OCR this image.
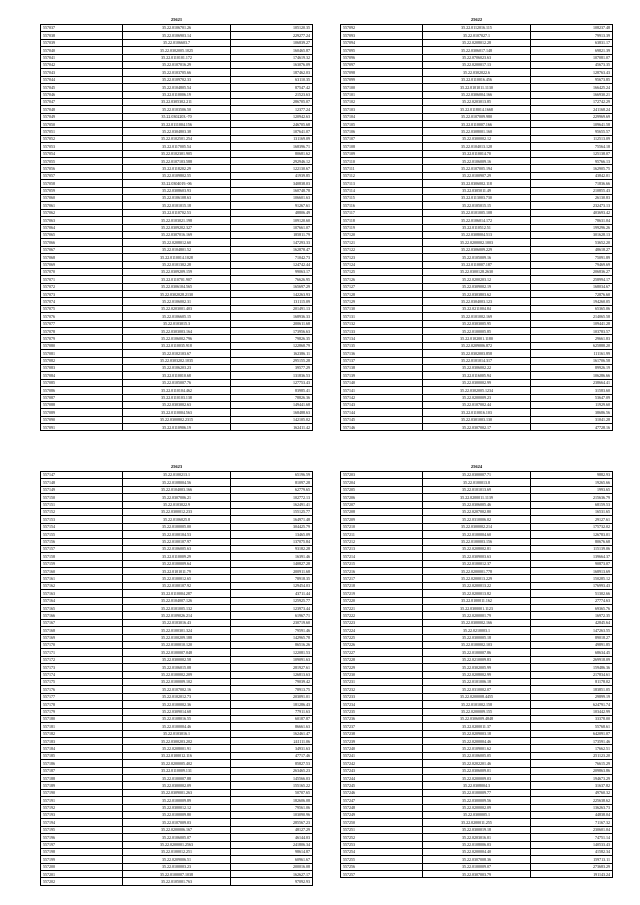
25621
557037	35.22.0106701.26	105120.35
557038	35.22.0106903.14	229277.24
557039	35.22.0106603.7	106839.27
557040	35.22.0302005.1025	160465.87
557041	35.22.0110101.172	174619.32
557042	35.22.0107016.29	163076.09
557043	35.22.0103705.66	187462.03
557044	35.22.0109702.33	63110.35
557045	35.22.0104805.54	87547.42
557046	35.22.0110006.19	21523.63
557047	35.22.0305302.211	286705.07
557048	35.22.0103506.50	12377.24
557049	35.22.0302203.-70	120942.63
557050	35.22.0111004.156	246705.68
557051	35.22.0304803.38	107641.07
557052	35.22.0102501.254	131169.09
557053	35.22.0117005.54	168396.71
557054	35.22.0102301.905	80681.62
557055	35.22.0107103.588	292946.12
557056	35.22.0118202.29	122130.67
557057	35.22.0109802.55	41939.85
557058	35.22.0304019.-06	340838.03
557059	35.22.0308603.93	160748.78
557060	35.22.0106108.63	106601.63
557061	35.22.0101015.18	91267.61
557062	35.22.0110702.53	48806.49
557063	35.22.0103021.198	109120.60
557064	35.22.0309202.327	107661.07
557065	35.22.0307016.169	185811.79
557066	35.22.0208012.60	147293.33
557067	35.22.0104801.52	162878.47
557068	35.22.0110014.1028	71042.73
557069	35.22.0101302.28	124742.44
557070	35.22.0309209.159	99063.17
557071	35.22.0110701.907	76626.95
557072	35.22.0306104.565	165697.29
557073	35.22.0302028.2130	142263.93
557074	35.22.0106002.31	131115.09
557075	35.22.0203001.403	201491.13
557076	35.22.0106605.15	168936.33
557077	35.22.0103015.3	200611.68
557078	35.22.0303003.164	173956.63
557079	35.22.0106002.796	79826.35
557080	35.22.0110035.918	122868.79
557081	35.22.0102103.67	162386.11
557082	35.22.0303202.1035	295155.28
557083	35.22.0106203.23	39577.29
557084	35.22.0110010.68	131836.53
557085	35.22.0105007.76	127753.43
557086	35.22.0110104.462	83985.41
557087	35.22.0110103.138	78826.36
557088	35.22.0303002.63	149441.68
557089	35.22.0110004.563	168488.63
557090	35.22.0300802.2315	142105.02
557091	35.22.0110906.19	162411.42
25622
557092	35.22.0112016.115	108237.48
557093	35.22.0107027.1	79913.39
557094	35.22.0208012.28	63831.17
557095	35.22.0306017.148	69821.39
557096	35.22.0706023.63	107081.07
557097	35.22.0200017.13	45673.35
557098	35.22.0302022.6	128763.43
557099	35.22.0110016.456	95673.85
557100	35.22.0101011.1130	166425.24
557101	35.22.0306004.166	166930.21
557102	35.22.0203013.85	172742.29
557103	35.22.0118014.1668	241168.24
557104	35.22.0107009.980	229969.69
557105	35.22.0110007.166	109641.58
557106	35.22.0308001.160	95655.57
557107	35.22.0300002.12	112513.09
557108	35.22.0104013.128	75564.18
557109	35.22.0110014.70	125138.07
557110	35.22.0106009.16	95766.13
557111	35.22.0107005.194	162905.75
557112	35.22.0100907.29	43842.01
557113	35.22.0306002.118	71836.66
557114	35.22.0305011.49	210855.43
557115	35.22.0113003.730	26130.83
557116	35.22.0105015.15	232473.13
557117	35.22.0101005.108	403693.42
557118	35.22.0106014.172	78631.04
557119	35.22.0110512.51	199296.26
557120	35.22.0308004.513	301628.13
557121	35.22.0200002.1003	53652.20
557122	35.22.0306009.229	48618.27
557123	35.22.0105009.16	75091.89
557124	35.22.0110007.187	79469.69
557125	35.22.0300128.2630	206836.27
557126	35.22.0200203.12	258994.17
557127	35.22.0309002.19	168034.67
557128	35.22.0303803.62	72876.60
557129	35.22.0304003.123	194260.05
557130	35.22.0211004.84	65365.06
557131	35.22.0101002.169	214065.58
557132	35.22.0303005.95	109441.28
557133	35.22.0100005.85	103783.57
557134	35.22.0102001.1180	29661.83
557135	35.22.0209006.872	625888.20
557136	35.22.0302003.858	111161.99
557137	35.22.0101014.317	161706.58
557138	35.22.0306002.22	89926.19
557139	35.22.0116005.94	106286.66
557140	35.22.0300002.99	238664.41
557141	35.22.0302005.1234	31583.60
557142	35.22.0200009.23	53647.09
557143	35.22.0107002.44	11929.60
557144	35.22.0110016.103	38686.56
557145	35.22.0301003.130	31041.28
557146	35.22.0307002.17	47728.16
25623
557147	35.22.0100213.1	65196.59
557148	35.22.0108004.56	81097.28
557149	35.22.0104003.166	62779.65
557150	35.22.0307006.21	102772.13
557151	35.22.0103022.9	162491.41
557152	35.22.0300012.233	155125.77
557153	35.22.0106025.8	164971.48
557154	35.22.0100005.00	304425.79
557155	35.22.0100104.53	13465.09
557156	35.22.0100107.97	137075.84
557157	35.22.0106005.63	93182.28
557158	35.22.0110009.29	16391.46
557159	35.22.0100009.64	140827.28
557160	35.22.0101011.79	200911.68
557161	35.22.0100012.65	78918.35
557162	35.22.0100107.92	129454.03
557163	35.22.0110004.287	43711.44
557164	35.22.0104007.126	125925.77
557165	35.22.0101005.132	123973.44
557166	35.22.0109026.214	61967.71
557167	35.22.0103016.43	230719.60
557168	35.22.0100301.324	79591.46
557169	35.22.0100209.188	142965.78
557170	35.22.0100010.120	86516.26
557171	35.22.0100007.048	122081.53
557172	35.22.0300002.58	109091.63
557173	35.22.0106015.08	281927.61
557174	35.22.0100002.209	126813.63
557175	35.22.0100009.102	79039.42
557176	35.22.0107002.16	78913.75
557177	35.22.0102012.73	203091.01
557178	35.22.0100002.36	181286.43
557179	35.22.0309014.68	77911.63
557180	35.22.0108016.55	60187.87
557181	35.22.0100004.46	86661.63
557182	35.22.0103016.1	162461.47
557183	35.22.0300203.202	241111.06
557184	35.22.0208001.91	34931.63
557185	35.22.0100012.116	47717.46
557186	35.22.0200005.402	85827.53
557187	35.22.0110009.131	263465.23
557188	35.22.0100007.88	145566.03
557189	35.22.0300002.09	155165.22
557190	35.22.0309001.263	50707.65
557191	35.22.0100009.89	182606.08
557192	35.22.0300012.12	79561.06
557193	35.22.0100009.80	103090.96
557194	35.22.0107009.03	285567.23
557195	35.22.0200006.167	48127.29
557196	35.22.0106005.07	46144.03
557197	35.22.0200001.2563	241806.34
557198	35.22.0100012.251	98614.87
557199	35.22.0209006.51	60961.67
557200	35.22.0100003.23	200016.08
557201	35.22.0100007.1038	162627.17
557202	35.22.0105001.763	97092.93
25624
557203	35.22.0300007.71	9882.93
557204	35.22.0100013.8	19265.66
557205	35.22.0101013.69	1993.65
557206	35.22.0200011.1139	215636.79
557207	35.22.0306005.46	68159.53
557208	35.22.0207002.80	16531.65
557209	35.22.0310006.02	29127.61
557210	35.22.0300002.214	175732.02
557211	35.22.0100004.60	126783.01
557212	35.22.0100003.156	80676.68
557213	35.22.0208002.81	115139.06
557214	35.22.0309003.63	139664.37
557215	35.22.0100012.37	90873.07
557216	35.22.0200001.778	168913.69
557217	35.22.0200013.229	150285.12
557218	35.22.0200013.22	176993.43
557219	35.22.0200013.82	51302.66
557220	35.22.0100011.162	27774.63
557221	35.22.0300001.1123	69365.76
557222	35.22.0200001.79	16972.35
557223	35.22.0300002.166	42845.64
557224	35.22.0210003.1	147263.55
557225	35.22.0300005.18	89018.27
557226	35.22.0100002.103	49891.85
557227	35.22.0100007.86	68634.45
557228	35.22.0210009.83	269918.09
557229	35.22.0302005.99	159486.36
557230	35.22.0208002.99	217834.61
557231	35.22.0101006.18	81178.02
557232	35.22.0310002.07	183851.05
557233	35.22.0200008.4455	29899.19
557234	35.22.0101002.158	624791.74
557235	35.22.0200009.155	103442.99
557236	35.22.0306009.4848	33378.00
557237	35.22.0200011.37	55768.61
557238	35.22.0209003.18	642091.07
557239	35.22.0200004.46	173591.46
557240	35.22.0109001.62	17662.51
557241	35.22.0106005.05	251123.20
557242	35.22.0202201.46	76615.29
557243	35.22.0306009.01	209863.86
557244	35.22.0200009.03	194673.29
557245	35.22.0308004.3	31637.82
557246	35.22.0100009.77	49760.32
557247	35.22.0300009.56	225638.62
557248	35.22.0200002.09	136263.73
557249	35.22.0300005.1	44838.04
557250	35.22.0200011.255	71167.32
557251	35.22.0300019.18	230601.04
557252	35.22.0203016.01	74751.14
557253	35.22.0108006.03	140533.43
557254	35.22.0200004.40	41582.34
557255	35.22.0307008.36	159713.11
557256	35.22.0100009.07	273683.29
557257	35.22.0307003.79	191143.24
